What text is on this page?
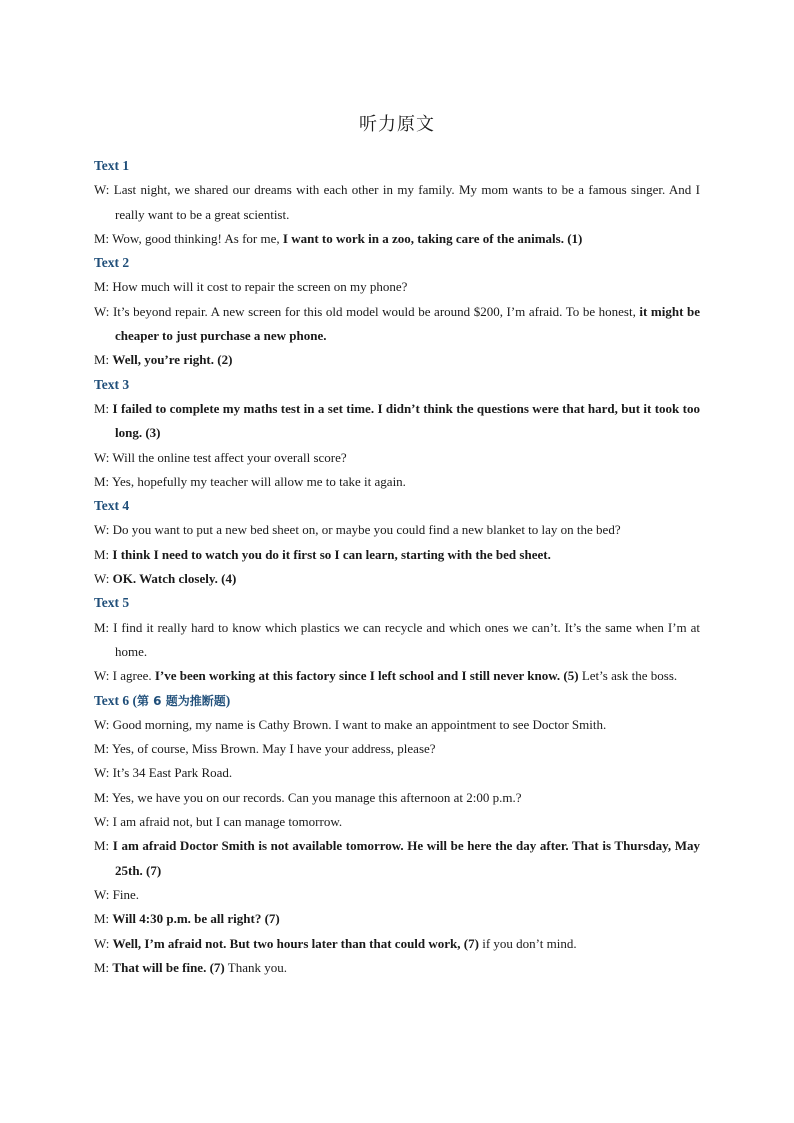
听力原文
Text 1
W: Last night, we shared our dreams with each other in my family. My mom wants to be a famous singer. And I really want to be a great scientist.
M: Wow, good thinking! As for me, I want to work in a zoo, taking care of the animals. (1)
Text 2
M: How much will it cost to repair the screen on my phone?
W: It’s beyond repair. A new screen for this old model would be around $200, I’m afraid. To be honest, it might be cheaper to just purchase a new phone.
M: Well, you’re right. (2)
Text 3
M: I failed to complete my maths test in a set time. I didn’t think the questions were that hard, but it took too long. (3)
W: Will the online test affect your overall score?
M: Yes, hopefully my teacher will allow me to take it again.
Text 4
W: Do you want to put a new bed sheet on, or maybe you could find a new blanket to lay on the bed?
M: I think I need to watch you do it first so I can learn, starting with the bed sheet.
W: OK. Watch closely. (4)
Text 5
M: I find it really hard to know which plastics we can recycle and which ones we can’t. It’s the same when I’m at home.
W: I agree. I’ve been working at this factory since I left school and I still never know. (5) Let’s ask the boss.
Text 6 (第 6 题为推断题)
W: Good morning, my name is Cathy Brown. I want to make an appointment to see Doctor Smith.
M: Yes, of course, Miss Brown. May I have your address, please?
W: It’s 34 East Park Road.
M: Yes, we have you on our records. Can you manage this afternoon at 2:00 p.m.?
W: I am afraid not, but I can manage tomorrow.
M: I am afraid Doctor Smith is not available tomorrow. He will be here the day after. That is Thursday, May 25th. (7)
W: Fine.
M: Will 4:30 p.m. be all right? (7)
W: Well, I’m afraid not. But two hours later than that could work, (7) if you don’t mind.
M: That will be fine. (7) Thank you.
